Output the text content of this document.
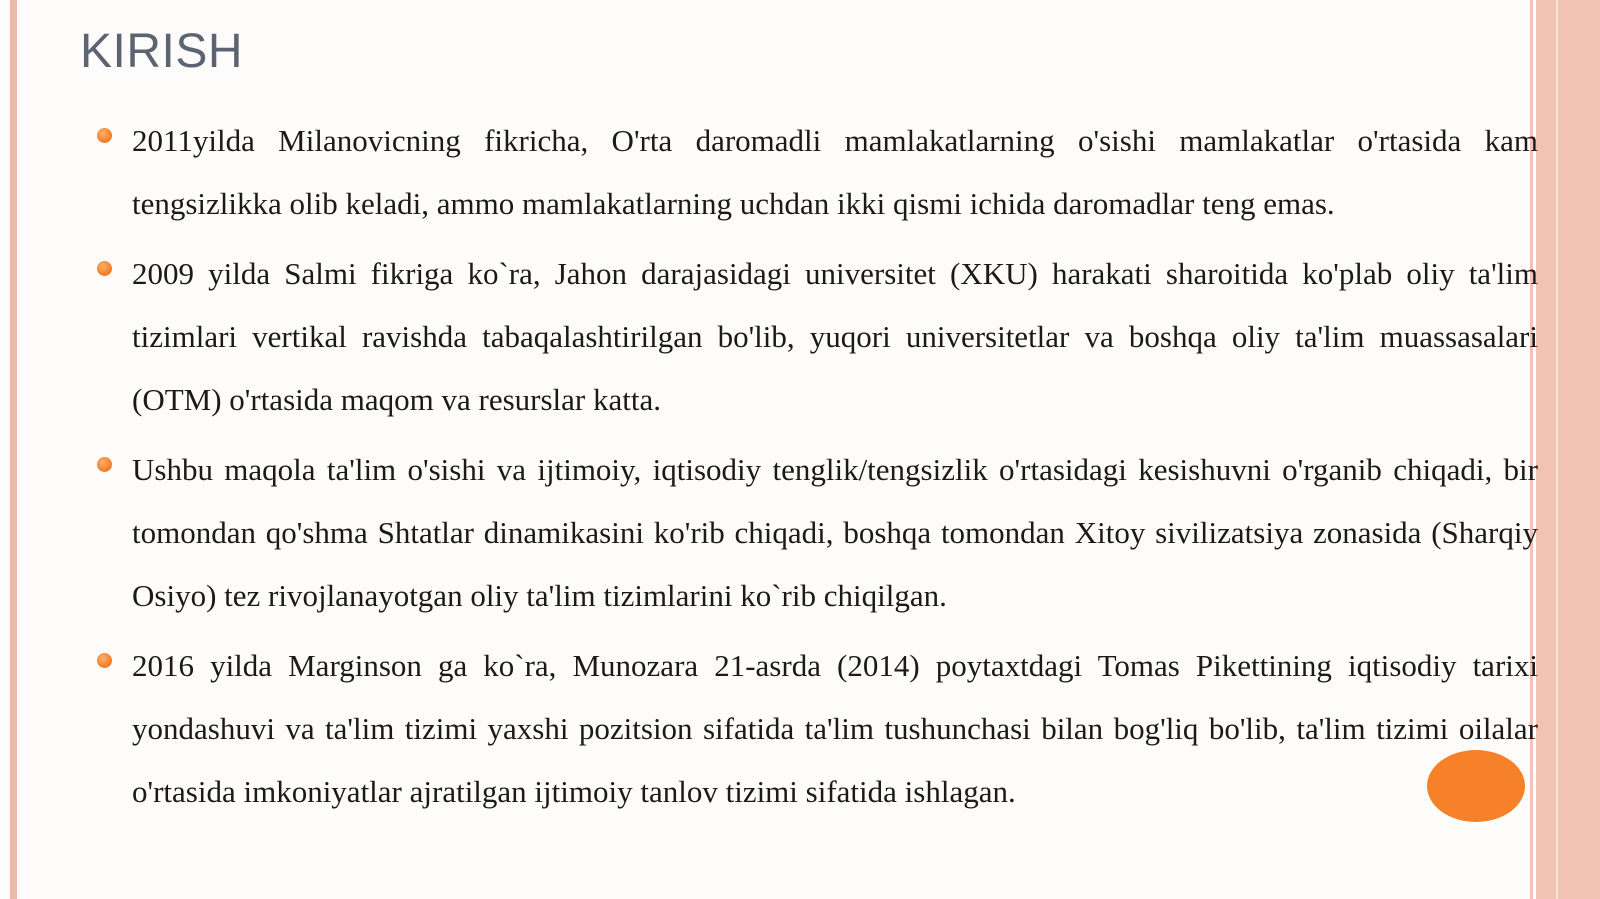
KIRISH
2011yilda Milanovicning fikricha, O'rta daromadli mamlakatlarning o'sishi mamlakatlar o'rtasida kam tengsizlikka olib keladi, ammo mamlakatlarning uchdan ikki qismi ichida daromadlar teng emas.
2009 yilda Salmi fikriga ko`ra, Jahon darajasidagi universitet (XKU) harakati sharoitida ko'plab oliy ta'lim tizimlari vertikal ravishda tabaqalashtirilgan bo'lib, yuqori universitetlar va boshqa oliy ta'lim muassasalari (OTM) o'rtasida maqom va resurslar katta.
Ushbu maqola ta'lim o'sishi va ijtimoiy, iqtisodiy tenglik/tengsizlik o'rtasidagi kesishuvni o'rganib chiqadi, bir tomondan qo'shma Shtatlar dinamikasini ko'rib chiqadi, boshqa tomondan Xitoy sivilizatsiya zonasida (Sharqiy Osiyo) tez rivojlanayotgan oliy ta'lim tizimlarini ko`rib chiqilgan.
2016 yilda Marginson ga ko`ra, Munozara 21-asrda (2014) poytaxtdagi Tomas Pikettining iqtisodiy tarixi yondashuvi va ta'lim tizimi yaxshi pozitsion sifatida ta'lim tushunchasi bilan bog'liq bo'lib, ta'lim tizimi oilalar o'rtasida imkoniyatlar ajratilgan ijtimoiy tanlov tizimi sifatida ishlagan.
